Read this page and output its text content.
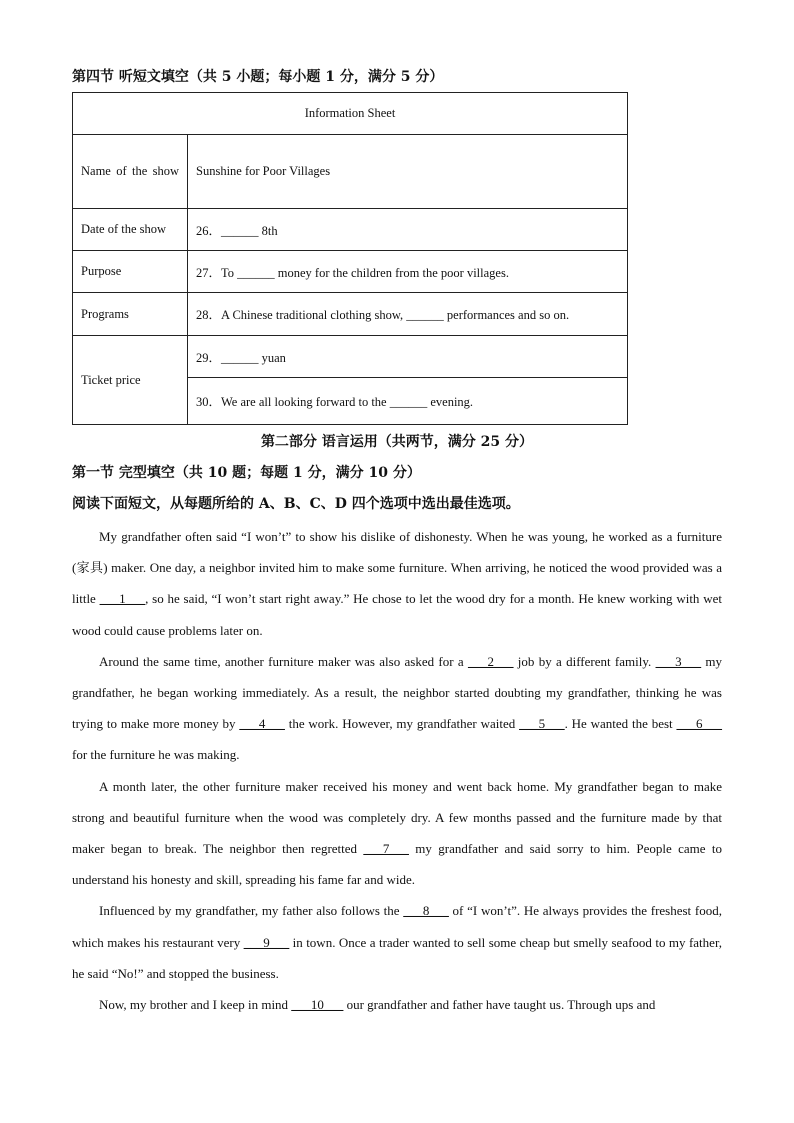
第四节 听短文填空（共 5 小题；每小题 1 分，满分 5 分）
Information Sheet	

Name of the show	Sunshine for Poor Villages
Date of the show	26．______ 8th
Purpose	27．To ______ money for the children from the poor villages.
Programs	28．A Chinese traditional clothing show, ______ performances and so on.
Ticket price	29．______ yuan
	30．We are all looking forward to the ______ evening.
第二部分 语言运用（共两节，满分 25 分）
第一节 完型填空（共 10 题；每题 1 分，满分 10 分）
阅读下面短文，从每题所给的 A、B、C、D 四个选项中选出最佳选项。

My grandfather often said “I won’t” to show his dislike of dishonesty. When he was young, he worked as a furniture (家具) maker. One day, a neighbor invited him to make some furniture. When arriving, he noticed the wood provided was a little ___1___, so he said, “I won’t start right away.” He chose to let the wood dry for a month. He knew working with wet wood could cause problems later on.

Around the same time, another furniture maker was also asked for a ___2___ job by a different family. ___3___ my grandfather, he began working immediately. As a result, the neighbor started doubting my grandfather, thinking he was trying to make more money by ___4___ the work. However, my grandfather waited ___5___. He wanted the best ___6___ for the furniture he was making.

A month later, the other furniture maker received his money and went back home. My grandfather began to make strong and beautiful furniture when the wood was completely dry. A few months passed and the furniture made by that maker began to break. The neighbor then regretted ___7___ my grandfather and said sorry to him. People came to understand his honesty and skill, spreading his fame far and wide.

Influenced by my grandfather, my father also follows the ___8___ of “I won’t”. He always provides the freshest food, which makes his restaurant very ___9___ in town. Once a trader wanted to sell some cheap but smelly seafood to my father, he said “No!” and stopped the business.

Now, my brother and I keep in mind ___10___ our grandfather and father have taught us. Through ups and
